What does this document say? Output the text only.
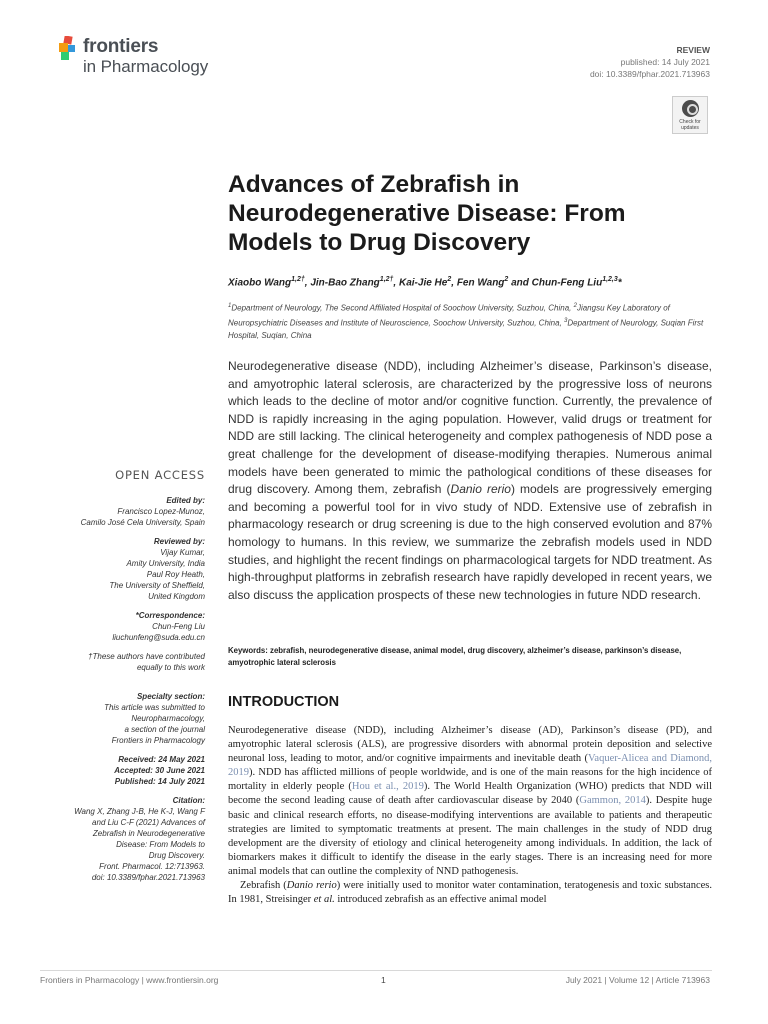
frontiers
in Pharmacology
REVIEW
published: 14 July 2021
doi: 10.3389/fphar.2021.713963
Check for updates
Advances of Zebrafish in Neurodegenerative Disease: From Models to Drug Discovery
Xiaobo Wang$^{1,2\dagger}$, Jin-Bao Zhang$^{1,2\dagger}$, Kai-Jie He$^2$, Fen Wang$^2$ and Chun-Feng Liu$^{1,2,3}$*
$^1$Department of Neurology, The Second Affiliated Hospital of Soochow University, Suzhou, China, $^2$Jiangsu Key Laboratory of Neuropsychiatric Diseases and Institute of Neuroscience, Soochow University, Suzhou, China, $^3$Department of Neurology, Suqian First Hospital, Suqian, China
Neurodegenerative disease (NDD), including Alzheimer’s disease, Parkinson’s disease, and amyotrophic lateral sclerosis, are characterized by the progressive loss of neurons which leads to the decline of motor and/or cognitive function. Currently, the prevalence of NDD is rapidly increasing in the aging population. However, valid drugs or treatment for NDD are still lacking. The clinical heterogeneity and complex pathogenesis of NDD pose a great challenge for the development of disease-modifying therapies. Numerous animal models have been generated to mimic the pathological conditions of these diseases for drug discovery. Among them, zebrafish (Danio rerio) models are progressively emerging and becoming a powerful tool for in vivo study of NDD. Extensive use of zebrafish in pharmacology research or drug screening is due to the high conserved evolution and 87% homology to humans. In this review, we summarize the zebrafish models used in NDD studies, and highlight the recent findings on pharmacological targets for NDD treatment. As high-throughput platforms in zebrafish research have rapidly developed in recent years, we also discuss the application prospects of these new technologies in future NDD research.
Keywords: zebrafish, neurodegenerative disease, animal model, drug discovery, alzheimer’s disease, parkinson’s disease, amyotrophic lateral sclerosis
OPEN ACCESS
Edited by:
Francisco Lopez-Munoz,
Camilo José Cela University, Spain
Reviewed by:
Vijay Kumar,
Amity University, India
Paul Roy Heath,
The University of Sheffield,
United Kingdom
*Correspondence:
Chun-Feng Liu
liuchunfeng@suda.edu.cn
†These authors have contributed
equally to this work
Specialty section:
This article was submitted to
Neuropharmacology,
a section of the journal
Frontiers in Pharmacology
Received: 24 May 2021
Accepted: 30 June 2021
Published: 14 July 2021
Citation:
Wang X, Zhang J-B, He K-J, Wang F
and Liu C-F (2021) Advances of
Zebrafish in Neurodegenerative
Disease: From Models to
Drug Discovery.
Front. Pharmacol. 12:713963.
doi: 10.3389/fphar.2021.713963
INTRODUCTION

Neurodegenerative disease (NDD), including Alzheimer’s disease (AD), Parkinson’s disease (PD), and amyotrophic lateral sclerosis (ALS), are progressive disorders with abnormal protein deposition and selective neuronal loss, leading to motor, and/or cognitive impairments and inevitable death (Vaquer-Alicea and Diamond, 2019). NDD has afflicted millions of people worldwide, and is one of the main reasons for the high incidence of mortality in elderly people (Hou et al., 2019). The World Health Organization (WHO) predicts that NDD will become the second leading cause of death after cardiovascular disease by 2040 (Gammon, 2014). Despite huge basic and clinical research efforts, no disease-modifying interventions are available to patients and therapeutic strategies are limited to symptomatic treatments at present. The main challenges in the study of NDD drug development are the diversity of etiology and clinical heterogeneity among individuals. In addition, the lack of biomarkers makes it difficult to identify the disease in the early stages. There is an increasing need for more animal models that can outline the complexity of NND pathogenesis.

Zebrafish (Danio rerio) were initially used to monitor water contamination, teratogenesis and toxic substances. In 1981, Streisinger et al. introduced zebrafish as an effective animal model

Frontiers in Pharmacology | www.frontiersin.org	1	July 2021 | Volume 12 | Article 713963
